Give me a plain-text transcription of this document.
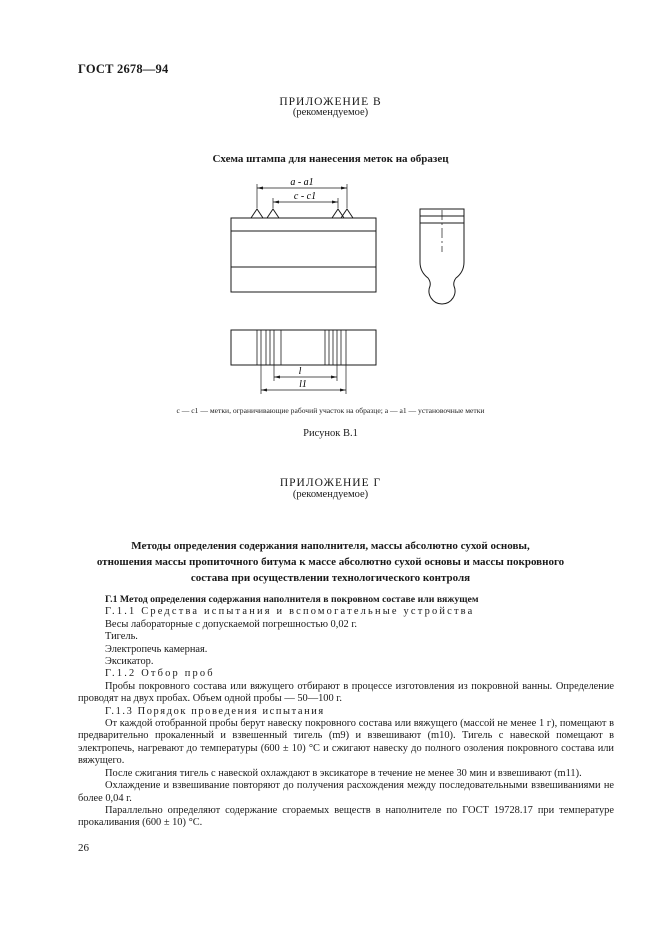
ГОСТ 2678—94
ПРИЛОЖЕНИЕ В
(рекомендуемое)
Схема штампа для нанесения меток на образец
a - a1
c - c1
l
l1
c — c1 — метки, ограничивающие рабочий участок на образце; a — a1 — установочные метки
Рисунок В.1
ПРИЛОЖЕНИЕ Г
(рекомендуемое)
Методы определения содержания наполнителя, массы абсолютно сухой основы,
отношения массы пропиточного битума к массе абсолютно сухой основы и массы покровного
состава при осуществлении технологического контроля

Г.1 Метод определения содержания наполнителя в покровном составе или вяжущем

Г.1.1 Средства испытания и вспомогательные устройства

Весы лабораторные с допускаемой погрешностью 0,02 г.

Тигель.

Электропечь камерная.

Эксикатор.

Г.1.2 Отбор проб

Пробы покровного состава или вяжущего отбирают в процессе изготовления из покровной ванны. Определение проводят на двух пробах. Объем одной пробы — 50—100 г.

Г.1.3 Порядок проведения испытания

От каждой отобранной пробы берут навеску покровного состава или вяжущего (массой не менее 1 г), помещают в предварительно прокаленный и взвешенный тигель (m9) и взвешивают (m10). Тигель с навеской помещают в электропечь, нагревают до температуры (600 ± 10) °С и сжигают навеску до полного озоления покровного состава или вяжущего.

После сжигания тигель с навеской охлаждают в эксикаторе в течение не менее 30 мин и взвешивают (m11).

Охлаждение и взвешивание повторяют до получения расхождения между последовательными взвешиваниями не более 0,04 г.

Параллельно определяют содержание сгораемых веществ в наполнителе по ГОСТ 19728.17 при температуре прокаливания (600 ± 10) °С.

26
